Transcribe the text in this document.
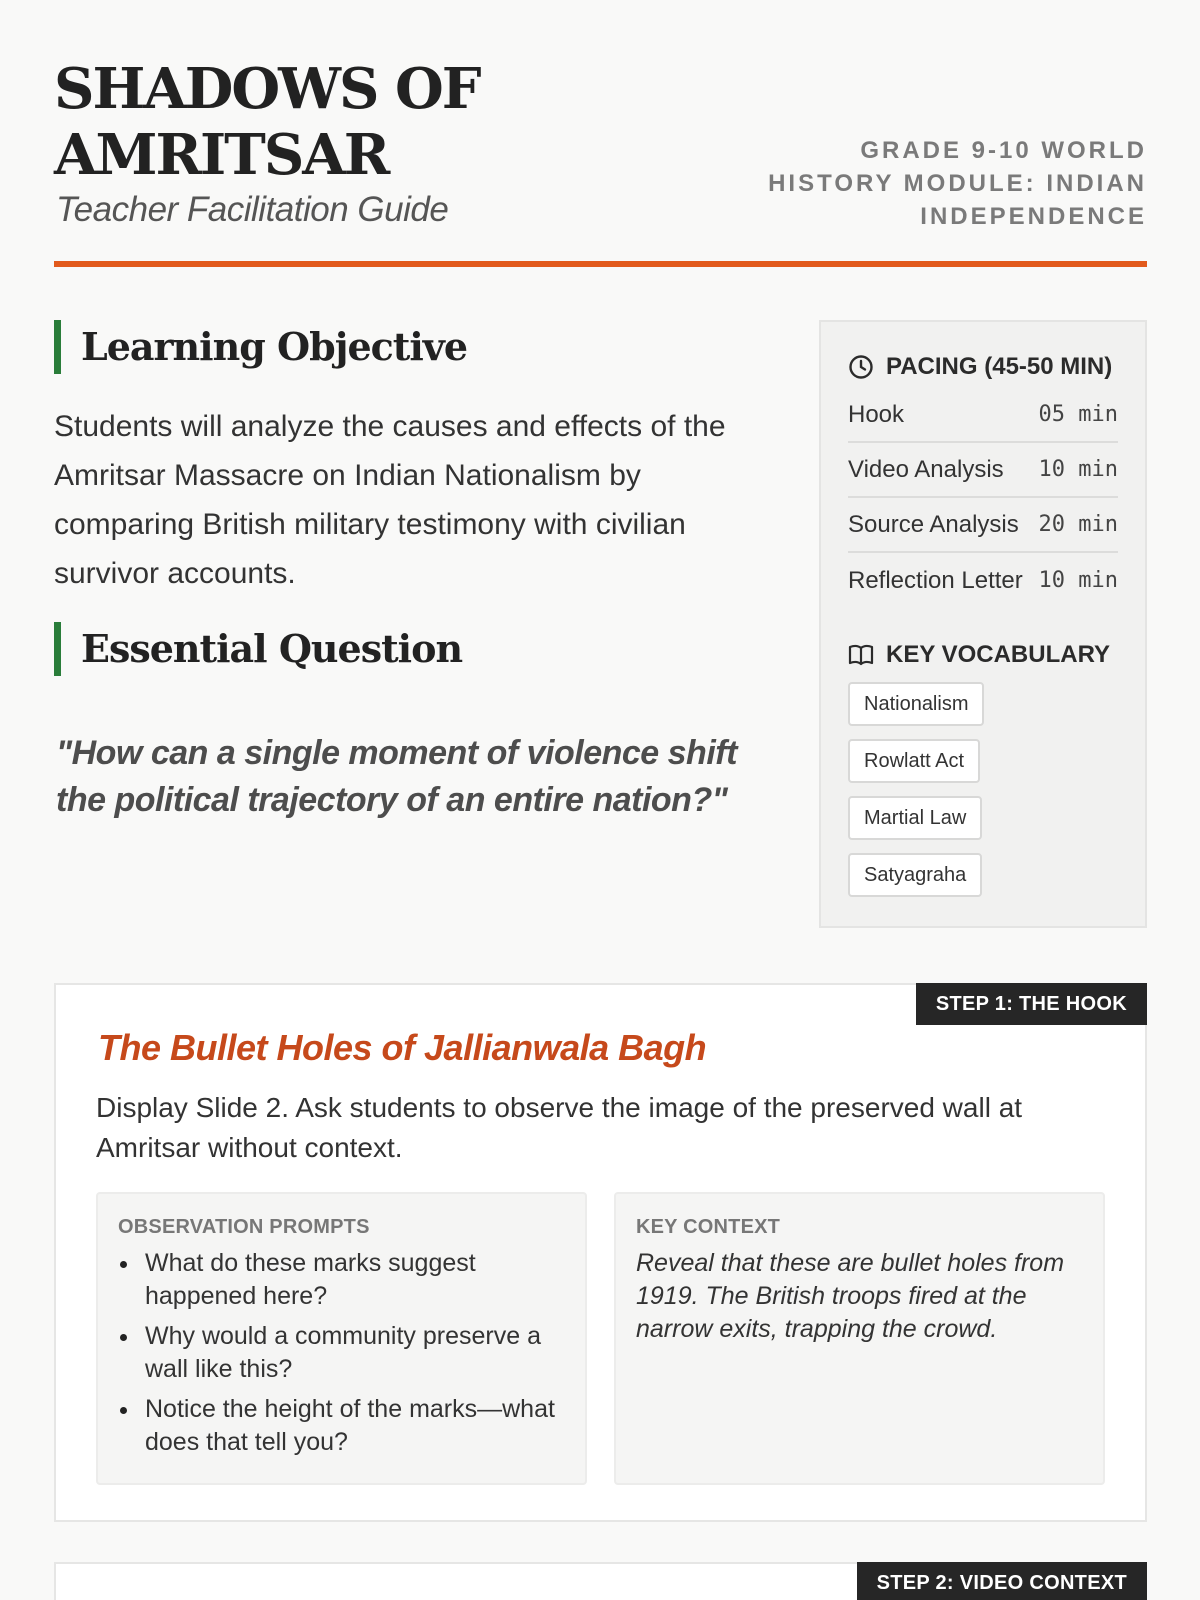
SHADOWS OF AMRITSAR
Teacher Facilitation Guide
GRADE 9-10 WORLD HISTORY MODULE: INDIAN INDEPENDENCE
Learning Objective
Students will analyze the causes and effects of the Amritsar Massacre on Indian Nationalism by comparing British military testimony with civilian survivor accounts.
Essential Question
"How can a single moment of violence shift the political trajectory of an entire nation?"
PACING (45-50 MIN)
Hook	05 min
Video Analysis 10 min
Source Analysis 20 min
Reflection Letter 10 min
KEY VOCABULARY
Nationalism
Rowlatt Act
Martial Law
Satyagraha
STEP 1: THE HOOK
The Bullet Holes of Jallianwala Bagh
Display Slide 2. Ask students to observe the image of the preserved wall at Amritsar without context.
OBSERVATION PROMPTS
What do these marks suggest happened here?
Why would a community preserve a wall like this?
Notice the height of the marks—what does that tell you?
KEY CONTEXT
Reveal that these are bullet holes from 1919. The British troops fired at the narrow exits, trapping the crowd.
STEP 2: VIDEO CONTEXT
